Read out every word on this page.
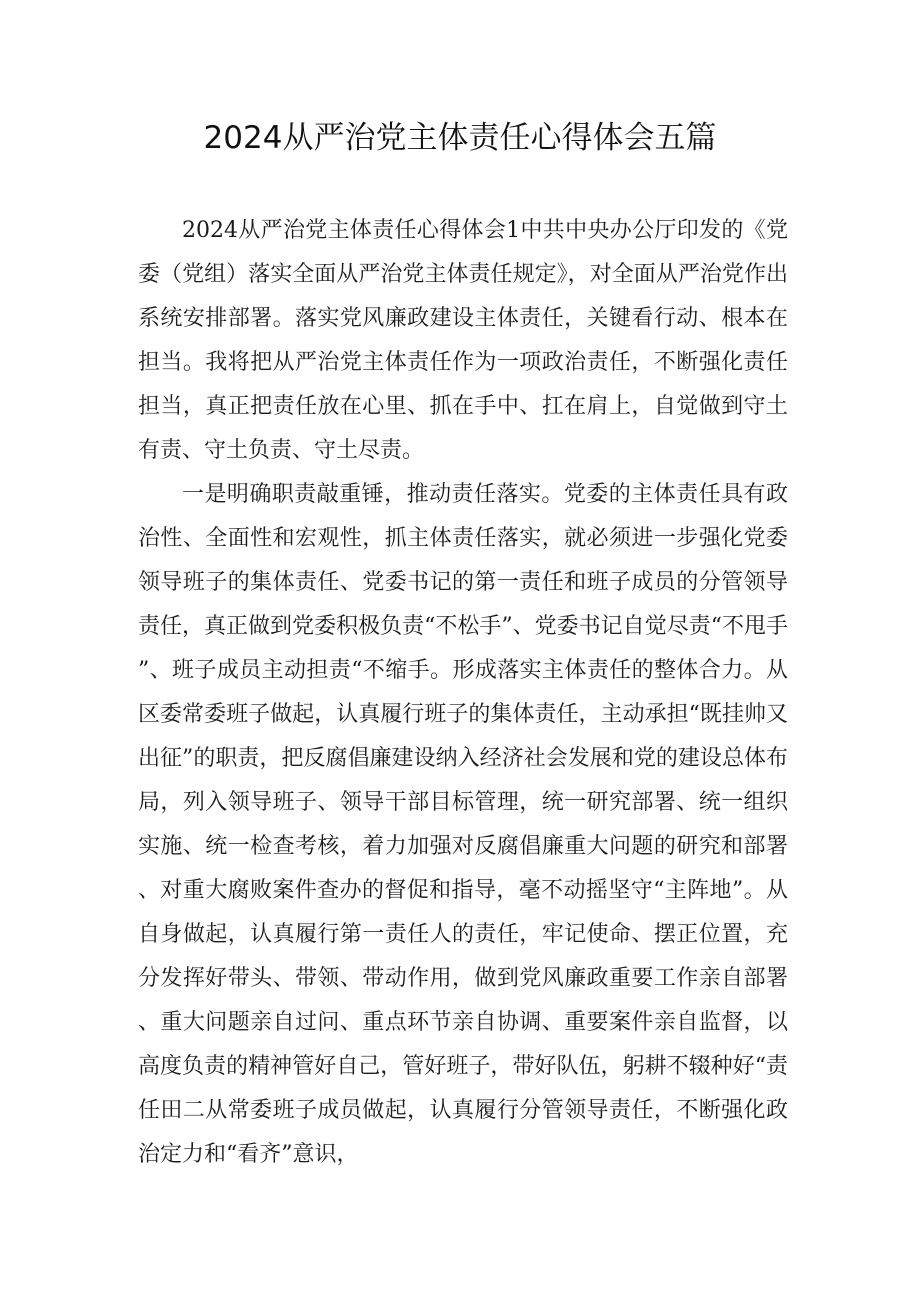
2024从严治党主体责任心得体会五篇

2024从严治党主体责任心得体会1中共中央办公厅印发的《党委（党组）落实全面从严治党主体责任规定》，对全面从严治党作出系统安排部署。落实党风廉政建设主体责任，关键看行动、根本在担当。我将把从严治党主体责任作为一项政治责任，不断强化责任担当，真正把责任放在心里、抓在手中、扛在肩上，自觉做到守土有责、守土负责、守土尽责。

一是明确职责敲重锤，推动责任落实。党委的主体责任具有政治性、全面性和宏观性，抓主体责任落实，就必须进一步强化党委领导班子的集体责任、党委书记的第一责任和班子成员的分管领导责任，真正做到党委积极负责“不松手”、党委书记自觉尽责“不甩手”、班子成员主动担责“不缩手。形成落实主体责任的整体合力。从区委常委班子做起，认真履行班子的集体责任，主动承担“既挂帅又出征”的职责，把反腐倡廉建设纳入经济社会发展和党的建设总体布局，列入领导班子、领导干部目标管理，统一研究部署、统一组织实施、统一检查考核，着力加强对反腐倡廉重大问题的研究和部署、对重大腐败案件查办的督促和指导，毫不动摇坚守“主阵地”。从自身做起，认真履行第一责任人的责任，牢记使命、摆正位置，充分发挥好带头、带领、带动作用，做到党风廉政重要工作亲自部署、重大问题亲自过问、重点环节亲自协调、重要案件亲自监督，以高度负责的精神管好自己，管好班子，带好队伍，躬耕不辍种好“责任田二从常委班子成员做起，认真履行分管领导责任，不断强化政治定力和“看齐”意识，
